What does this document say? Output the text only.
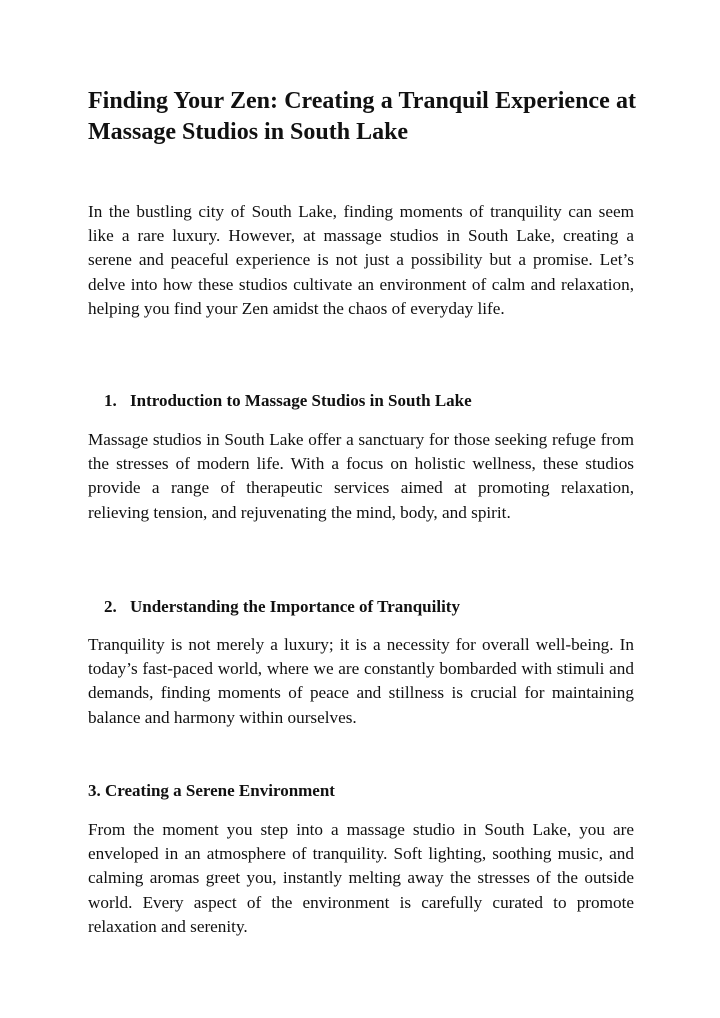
Finding Your Zen: Creating a Tranquil Experience at Massage Studios in South Lake

In the bustling city of South Lake, finding moments of tranquility can seem like a rare luxury. However, at massage studios in South Lake, creating a serene and peaceful experience is not just a possibility but a promise. Let’s delve into how these studios cultivate an environment of calm and relaxation, helping you find your Zen amidst the chaos of everyday life.

1. Introduction to Massage Studios in South Lake

Massage studios in South Lake offer a sanctuary for those seeking refuge from the stresses of modern life. With a focus on holistic wellness, these studios provide a range of therapeutic services aimed at promoting relaxation, relieving tension, and rejuvenating the mind, body, and spirit.

2. Understanding the Importance of Tranquility

Tranquility is not merely a luxury; it is a necessity for overall well-being. In today’s fast-paced world, where we are constantly bombarded with stimuli and demands, finding moments of peace and stillness is crucial for maintaining balance and harmony within ourselves.

3. Creating a Serene Environment

From the moment you step into a massage studio in South Lake, you are enveloped in an atmosphere of tranquility. Soft lighting, soothing music, and calming aromas greet you, instantly melting away the stresses of the outside world. Every aspect of the environment is carefully curated to promote relaxation and serenity.
